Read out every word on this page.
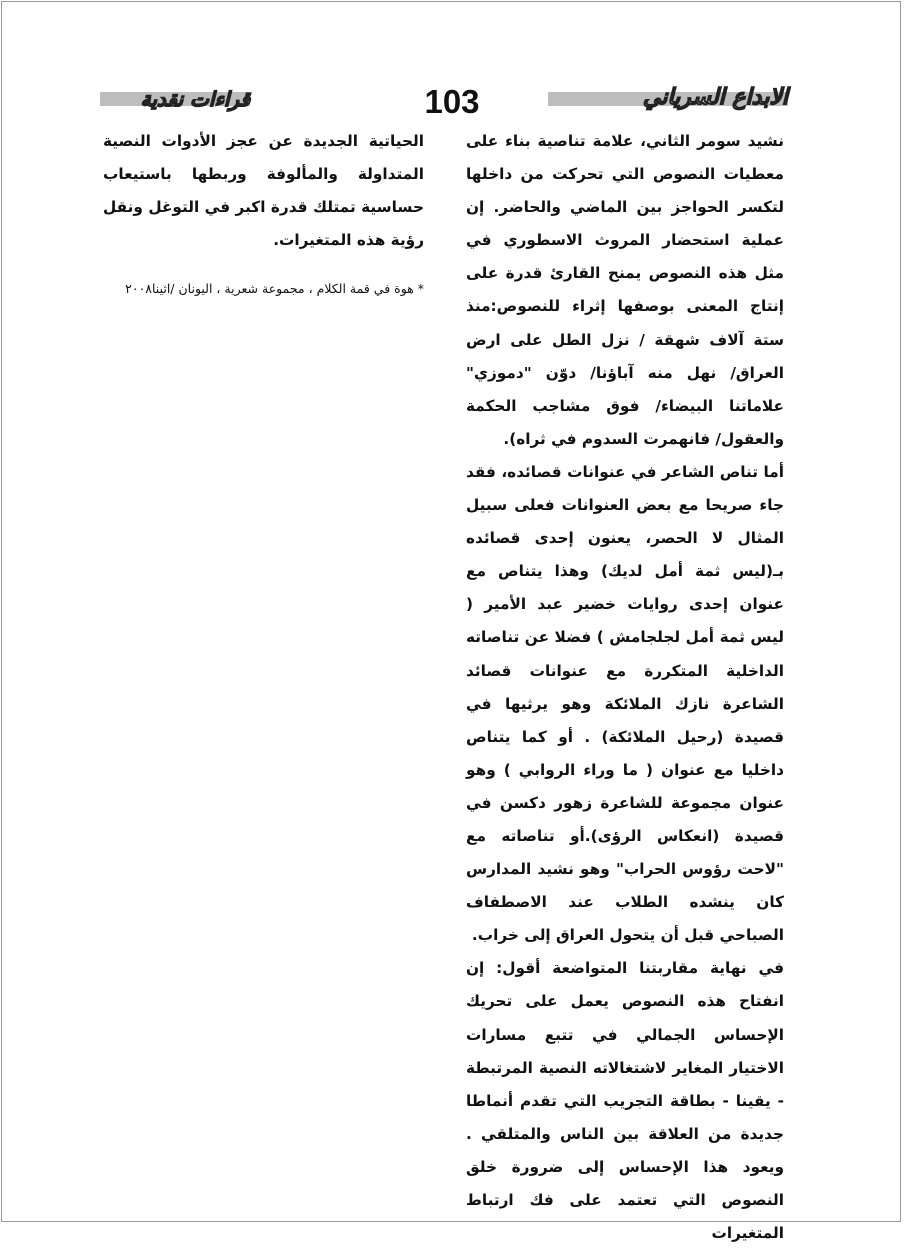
قراءات نقدية	الابداع السرياني
103

نشيد سومر الثاني، علامة تناصية بناء على معطيات النصوص التي تحركت من داخلها لتكسر الحواجز بين الماضي والحاضر. إن عملية استحضار المروث الاسطوري في مثل هذه النصوص يمنح القارئ قدرة على إنتاج المعنى بوصفها إثراء للنصوص:منذ ستة آلاف شهقة / نزل الطل على ارض العراق/ نهل منه آباؤنا/ دوّن "دموزي" علاماتنا البيضاء/ فوق مشاجب الحكمة والعقول/ فانهمرت السدوم في ثراه).

أما تناص الشاعر في عنوانات قصائده، فقد جاء صريحا مع بعض العنوانات فعلى سبيل المثال لا الحصر، يعنون إحدى قصائده بـ(ليس ثمة أمل لديك) وهذا يتناص مع عنوان إحدى روايات خضير عبد الأمير ( ليس ثمة أمل لجلجامش ) فضلا عن تناصاته الداخلية المتكررة مع عنوانات قصائد الشاعرة نازك الملائكة وهو يرثيها في قصيدة (رحيل الملائكة) . أو كما يتناص داخليا مع عنوان ( ما وراء الروابي ) وهو عنوان مجموعة للشاعرة زهور دكسن في قصيدة (انعكاس الرؤى).أو تناصاته مع "لاحت رؤوس الحراب" وهو نشيد المدارس كان ينشده الطلاب عند الاصطفاف الصباحي قبل أن يتحول العراق إلى خراب.

في نهاية مقاربتنا المتواضعة أقول: إن انفتاح هذه النصوص يعمل على تحريك الإحساس الجمالي في تتبع مسارات الاختيار المغاير لاشتغالاته النصية المرتبطة - يقينا - بطاقة التجريب التي تقدم أنماطا جديدة من العلاقة بين الناس والمتلقي . ويعود هذا الإحساس إلى ضرورة خلق النصوص التي تعتمد على فك ارتباط المتغيرات

الحياتية الجديدة عن عجز الأدوات النصية المتداولة والمألوفة وربطها باستيعاب حساسية تمتلك قدرة اكبر في التوغل ونقل رؤية هذه المتغيرات.

* هوة في قمة الكلام ، مجموعة شعرية ، اليونان /اثينا٢٠٠٨
